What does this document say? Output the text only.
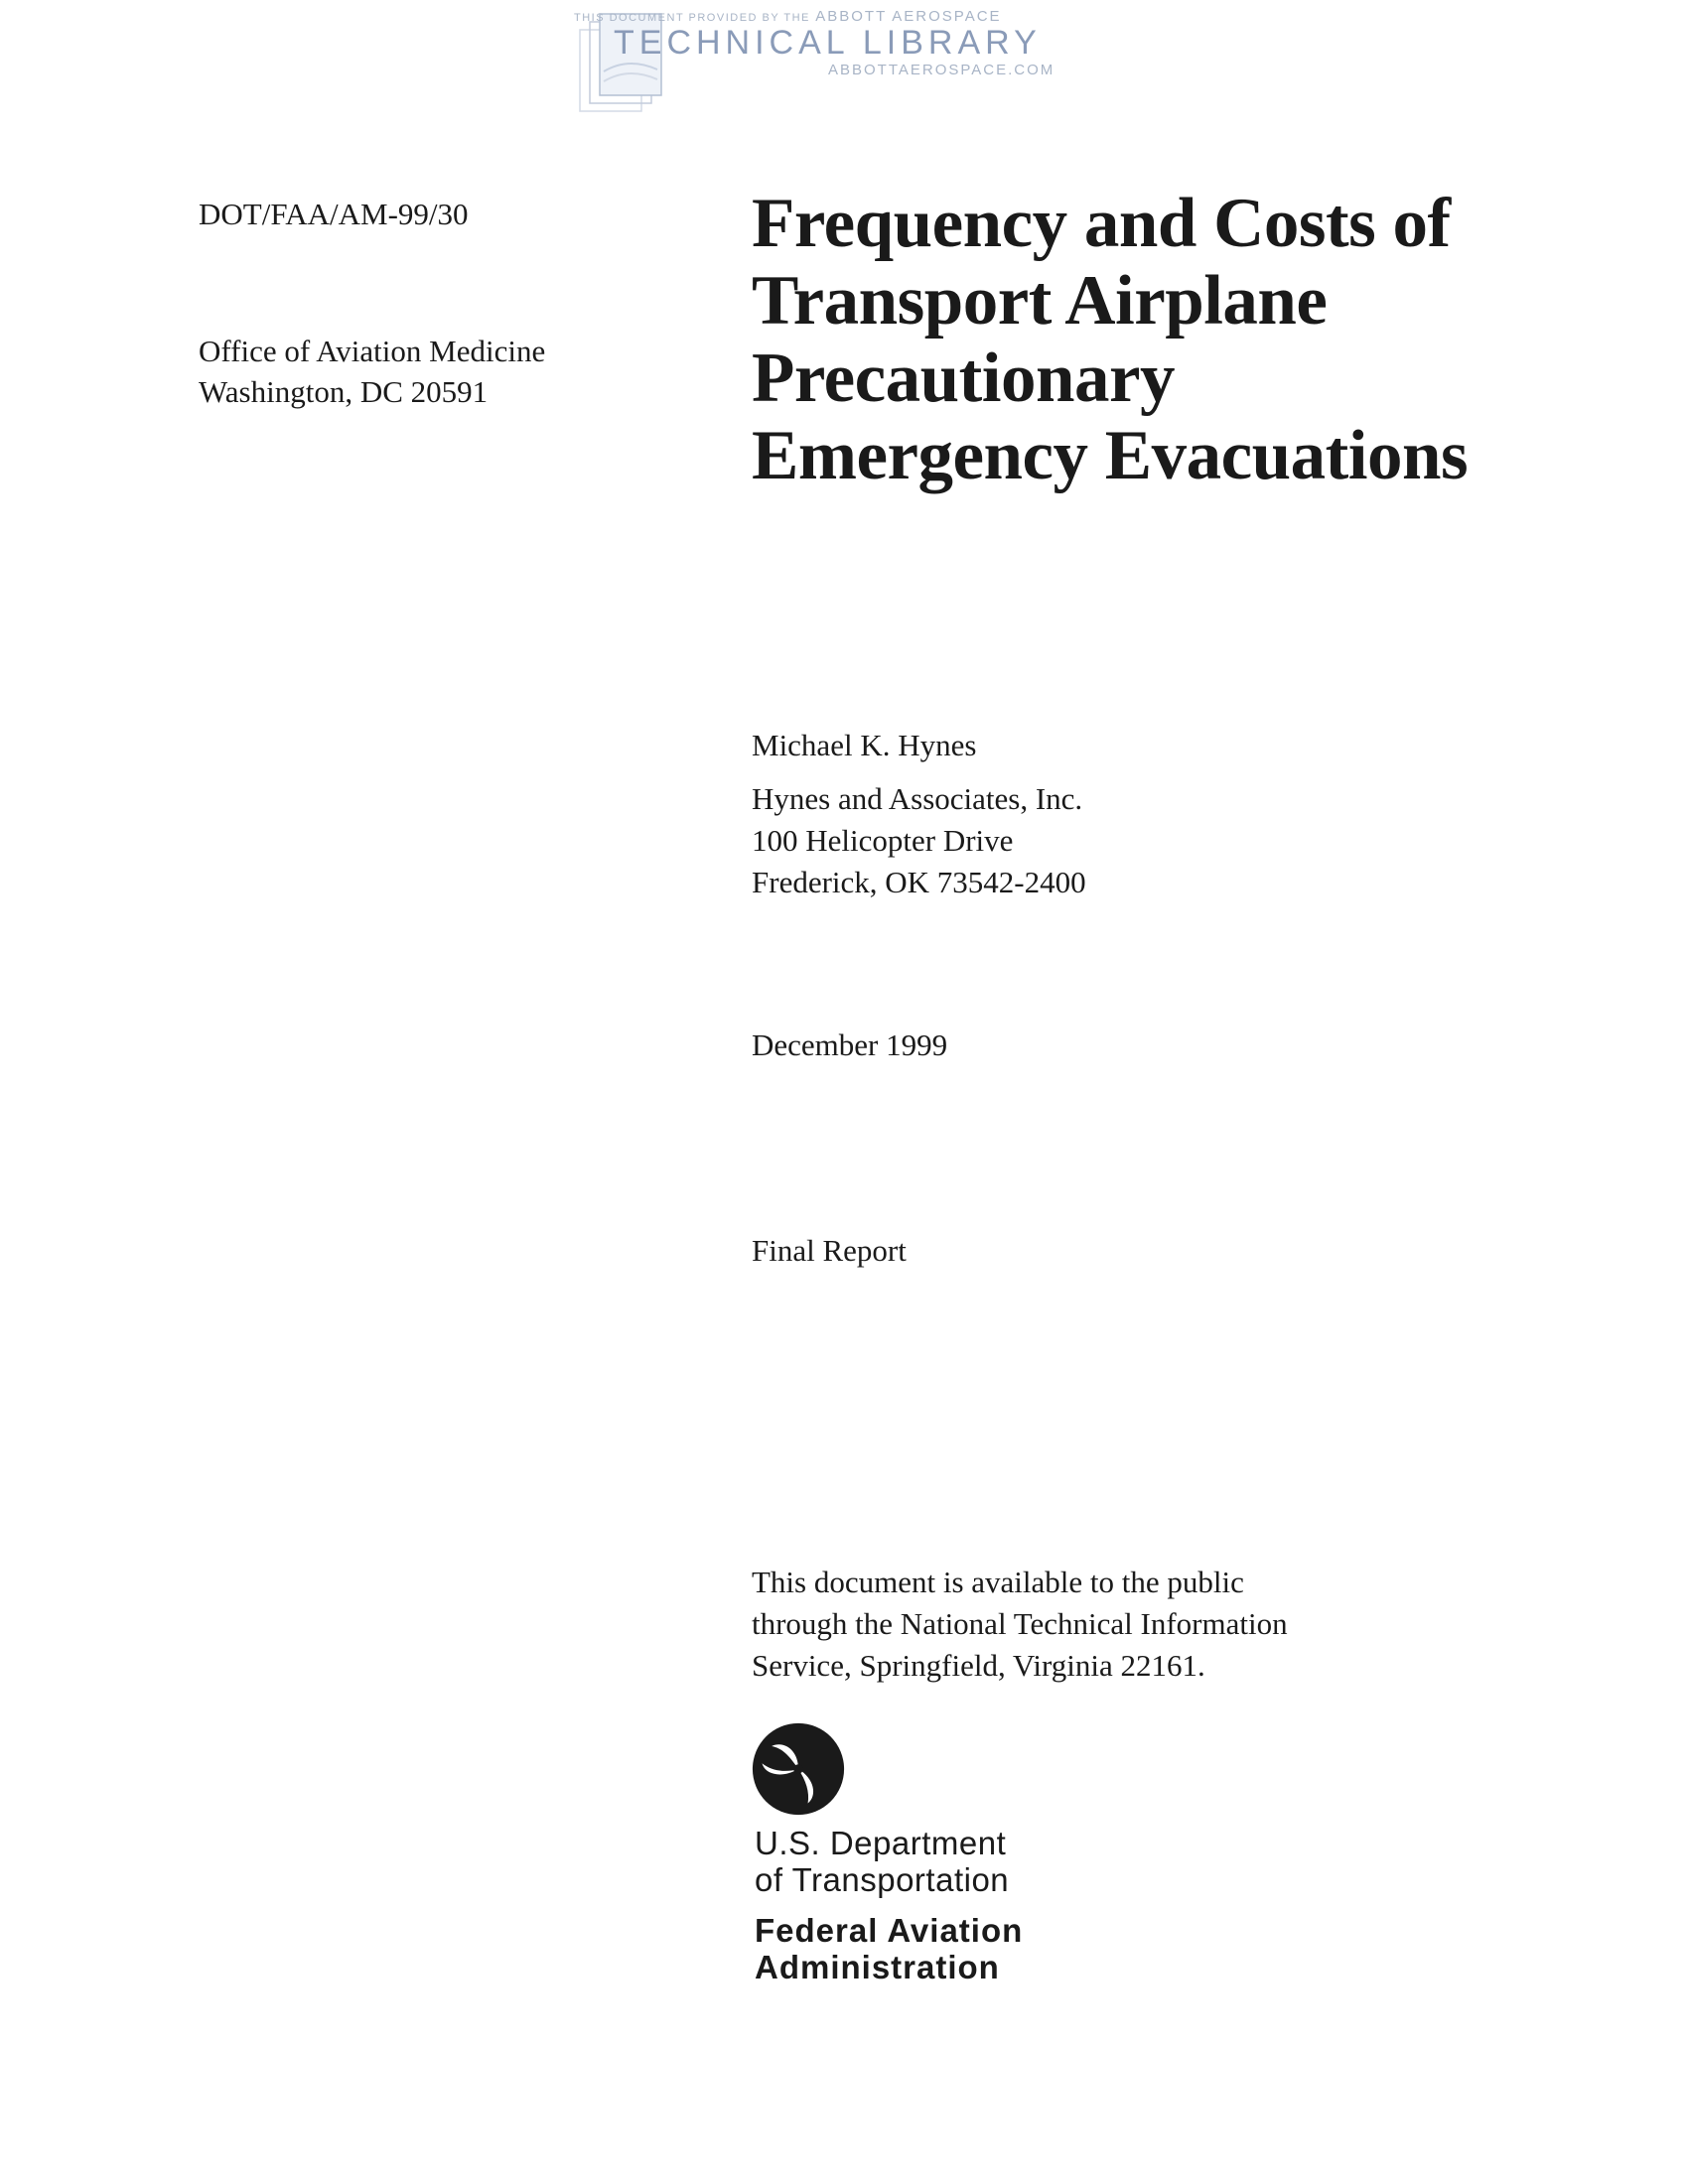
THIS DOCUMENT PROVIDED BY THE ABBOTT AEROSPACE
TECHNICAL LIBRARY
ABBOTTAEROSPACE.COM
DOT/FAA/AM-99/30
Office of Aviation Medicine
Washington, DC 20591
Frequency and Costs of
Transport Airplane
Precautionary
Emergency Evacuations
Michael K. Hynes
Hynes and Associates, Inc.
100 Helicopter Drive
Frederick, OK 73542-2400
December 1999
Final Report
This document is available to the public
through the National Technical Information
Service, Springfield, Virginia 22161.
U.S. Department
of Transportation
Federal Aviation
Administration
